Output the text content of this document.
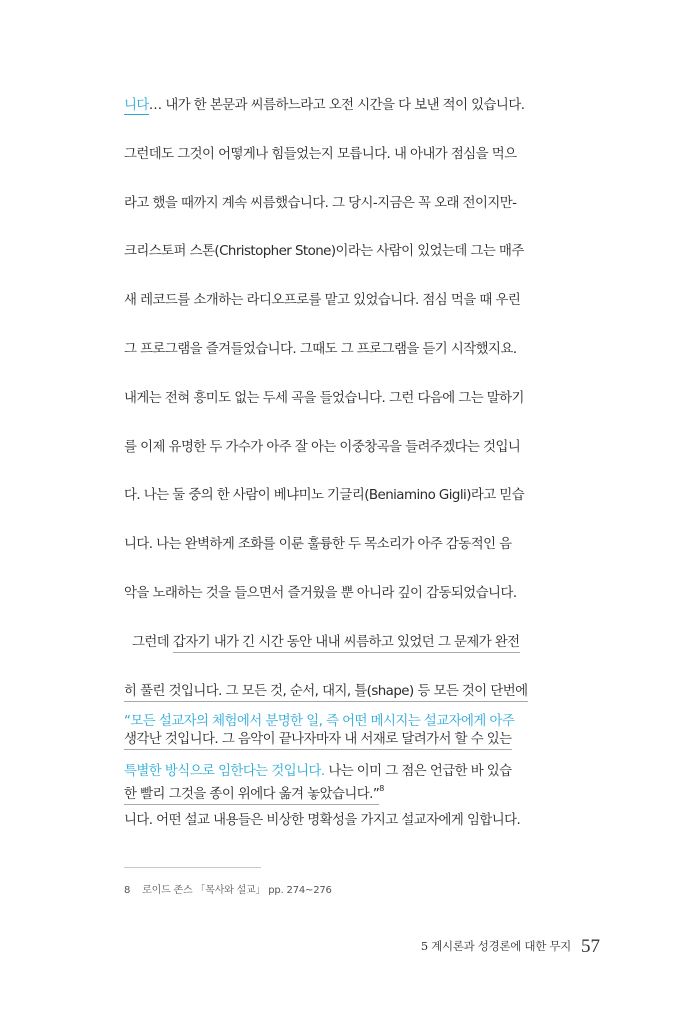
니다… 내가 한 본문과 씨름하느라고 오전 시간을 다 보낸 적이 있습니다.

그런데도 그것이 어떻게나 힘들었는지 모릅니다. 내 아내가 점심을 먹으

라고 했을 때까지 계속 씨름했습니다. 그 당시-지금은 꼭 오래 전이지만-

크리스토퍼 스톤(Christopher Stone)이라는 사람이 있었는데 그는 매주

새 레코드를 소개하는 라디오프로를 맡고 있었습니다. 점심 먹을 때 우린

그 프로그램을 즐겨들었습니다. 그때도 그 프로그램을 듣기 시작했지요.

내게는 전혀 흥미도 없는 두세 곡을 들었습니다. 그런 다음에 그는 말하기

를 이제 유명한 두 가수가 아주 잘 아는 이중창곡을 들려주겠다는 것입니

다. 나는 둘 중의 한 사람이 베냐미노 기글리(Beniamino Gigli)라고 믿습

니다. 나는 완벽하게 조화를 이룬 훌륭한 두 목소리가 아주 감동적인 음

악을 노래하는 것을 들으면서 즐거웠을 뿐 아니라 깊이 감동되었습니다.

그런데 갑자기 내가 긴 시간 동안 내내 씨름하고 있었던 그 문제가 완전

히 풀린 것입니다. 그 모든 것, 순서, 대지, 틀(shape) 등 모든 것이 단번에

생각난 것입니다. 그 음악이 끝나자마자 내 서재로 달려가서 할 수 있는

한 빨리 그것을 종이 위에다 옮겨 놓았습니다.”$^8$

“모든 설교자의 체험에서 분명한 일, 즉 어떤 메시지는 설교자에게 아주

특별한 방식으로 임한다는 것입니다. 나는 이미 그 점은 언급한 바 있습

니다. 어떤 설교 내용들은 비상한 명확성을 가지고 설교자에게 임합니다.

8 로이드 존스 「목사와 설교」 pp. 274~276
5 계시론과 성경론에 대한 무지 57
